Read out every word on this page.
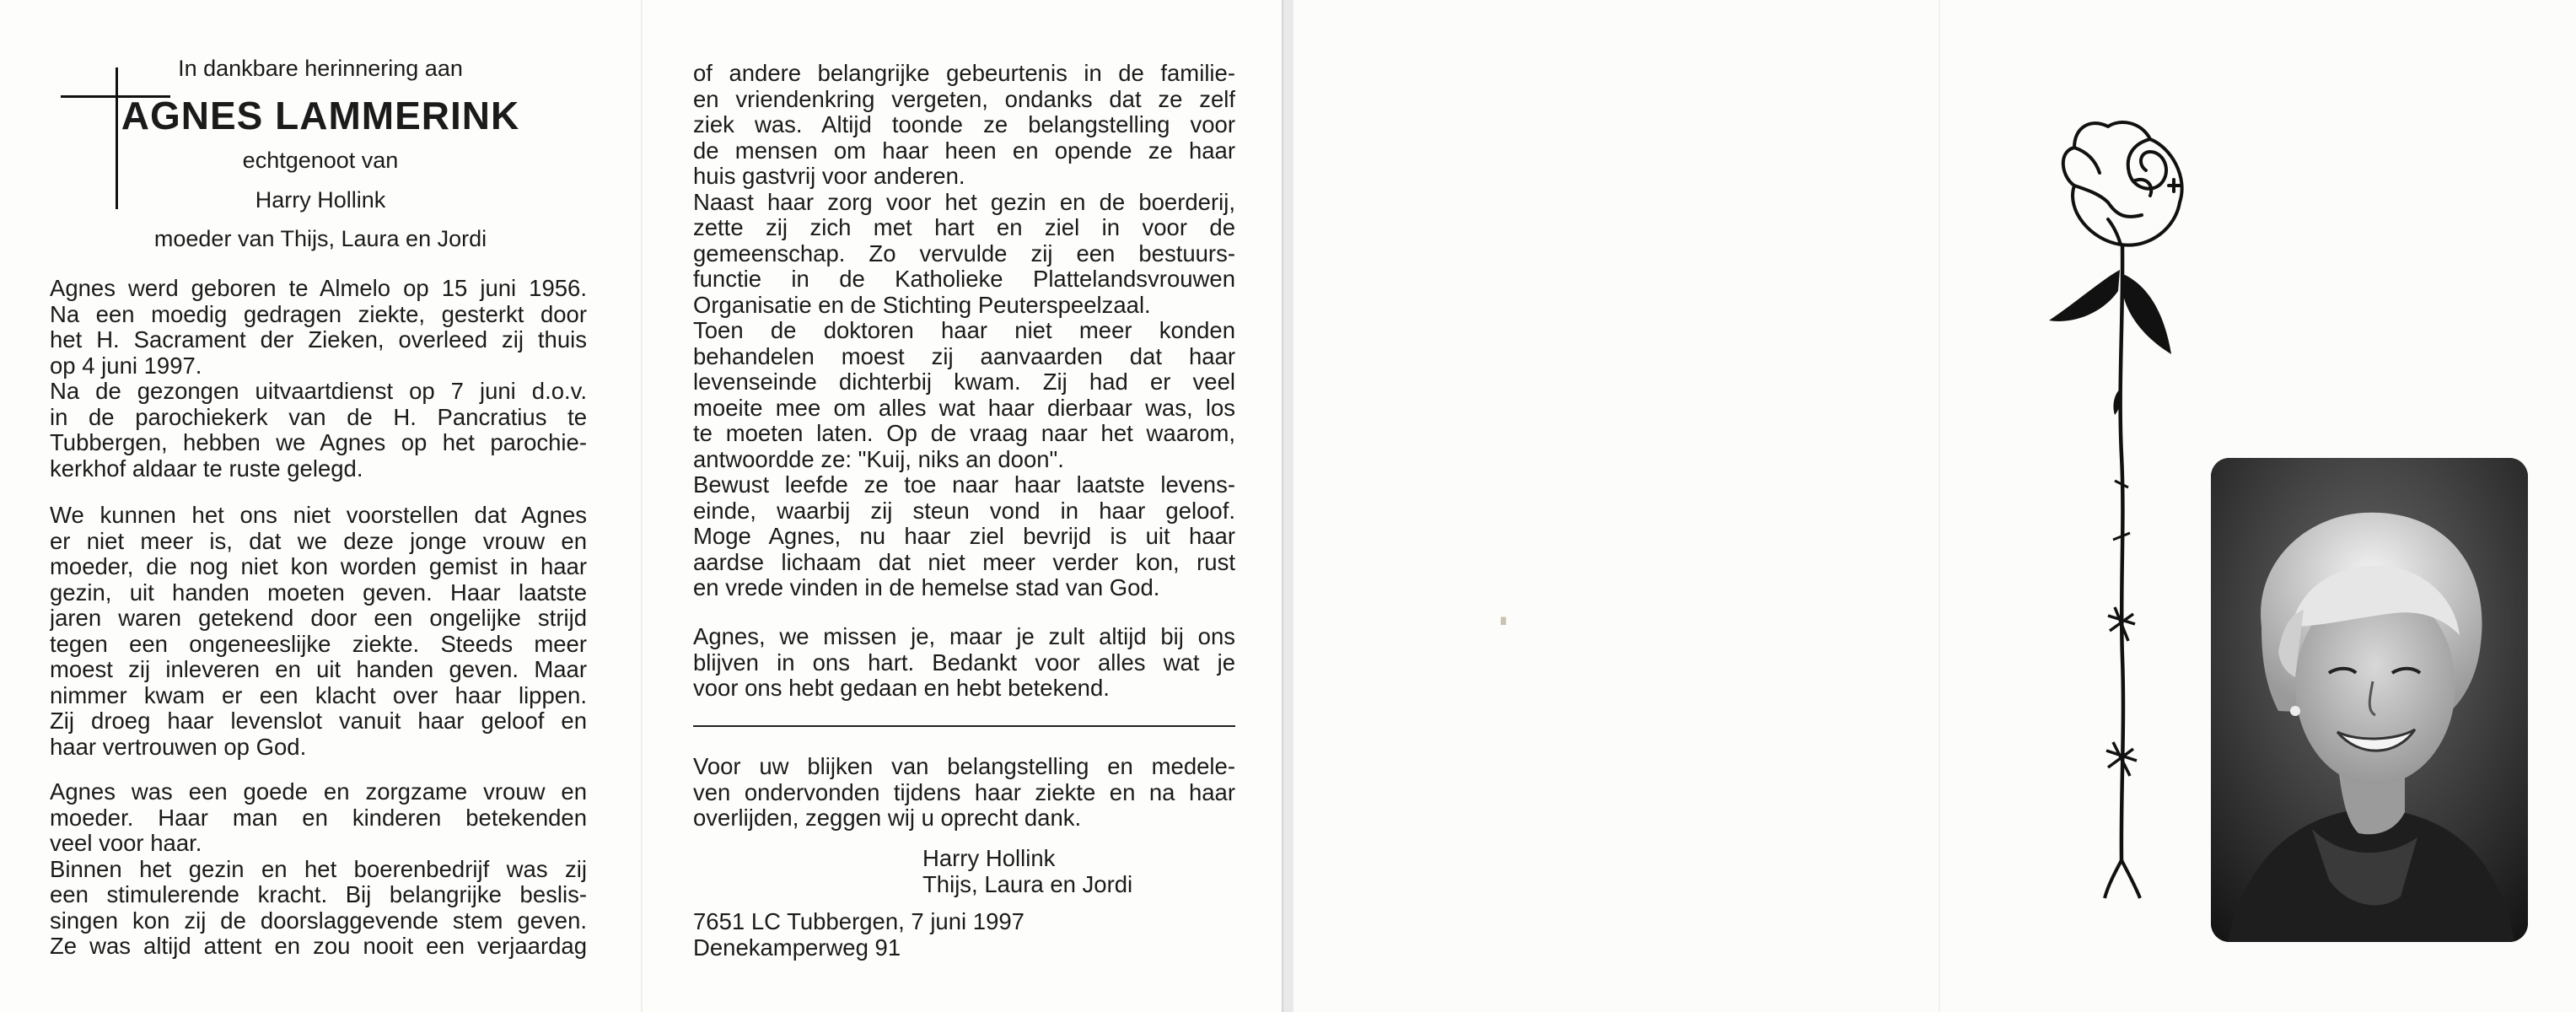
In dankbare herinnering aan
AGNES LAMMERINK
echtgenoot van
Harry Hollink
moeder van Thijs, Laura en Jordi
Agnes werd geboren te Almelo op 15 juni 1956.
Na een moedig gedragen ziekte, gesterkt door
het H. Sacrament der Zieken, overleed zij thuis
op 4 juni 1997.
Na de gezongen uitvaartdienst op 7 juni d.o.v.
in de parochiekerk van de H. Pancratius te
Tubbergen, hebben we Agnes op het parochie-
kerkhof aldaar te ruste gelegd.
We kunnen het ons niet voorstellen dat Agnes
er niet meer is, dat we deze jonge vrouw en
moeder, die nog niet kon worden gemist in haar
gezin, uit handen moeten geven. Haar laatste
jaren waren getekend door een ongelijke strijd
tegen een ongeneeslijke ziekte. Steeds meer
moest zij inleveren en uit handen geven. Maar
nimmer kwam er een klacht over haar lippen.
Zij droeg haar levenslot vanuit haar geloof en
haar vertrouwen op God.
Agnes was een goede en zorgzame vrouw en
moeder. Haar man en kinderen betekenden
veel voor haar.
Binnen het gezin en het boerenbedrijf was zij
een stimulerende kracht. Bij belangrijke beslis-
singen kon zij de doorslaggevende stem geven.
Ze was altijd attent en zou nooit een verjaardag
of andere belangrijke gebeurtenis in de familie-
en vriendenkring vergeten, ondanks dat ze zelf
ziek was. Altijd toonde ze belangstelling voor
de mensen om haar heen en opende ze haar
huis gastvrij voor anderen.
Naast haar zorg voor het gezin en de boerderij,
zette zij zich met hart en ziel in voor de
gemeenschap. Zo vervulde zij een bestuurs-
functie in de Katholieke Plattelandsvrouwen
Organisatie en de Stichting Peuterspeelzaal.
Toen de doktoren haar niet meer konden
behandelen moest zij aanvaarden dat haar
levenseinde dichterbij kwam. Zij had er veel
moeite mee om alles wat haar dierbaar was, los
te moeten laten. Op de vraag naar het waarom,
antwoordde ze: "Kuij, niks an doon".
Bewust leefde ze toe naar haar laatste levens-
einde, waarbij zij steun vond in haar geloof.
Moge Agnes, nu haar ziel bevrijd is uit haar
aardse lichaam dat niet meer verder kon, rust
en vrede vinden in de hemelse stad van God.
Agnes, we missen je, maar je zult altijd bij ons
blijven in ons hart. Bedankt voor alles wat je
voor ons hebt gedaan en hebt betekend.
Voor uw blijken van belangstelling en medele-
ven ondervonden tijdens haar ziekte en na haar
overlijden, zeggen wij u oprecht dank.
Harry Hollink
Thijs, Laura en Jordi
7651 LC Tubbergen, 7 juni 1997
Denekamperweg 91
▖
